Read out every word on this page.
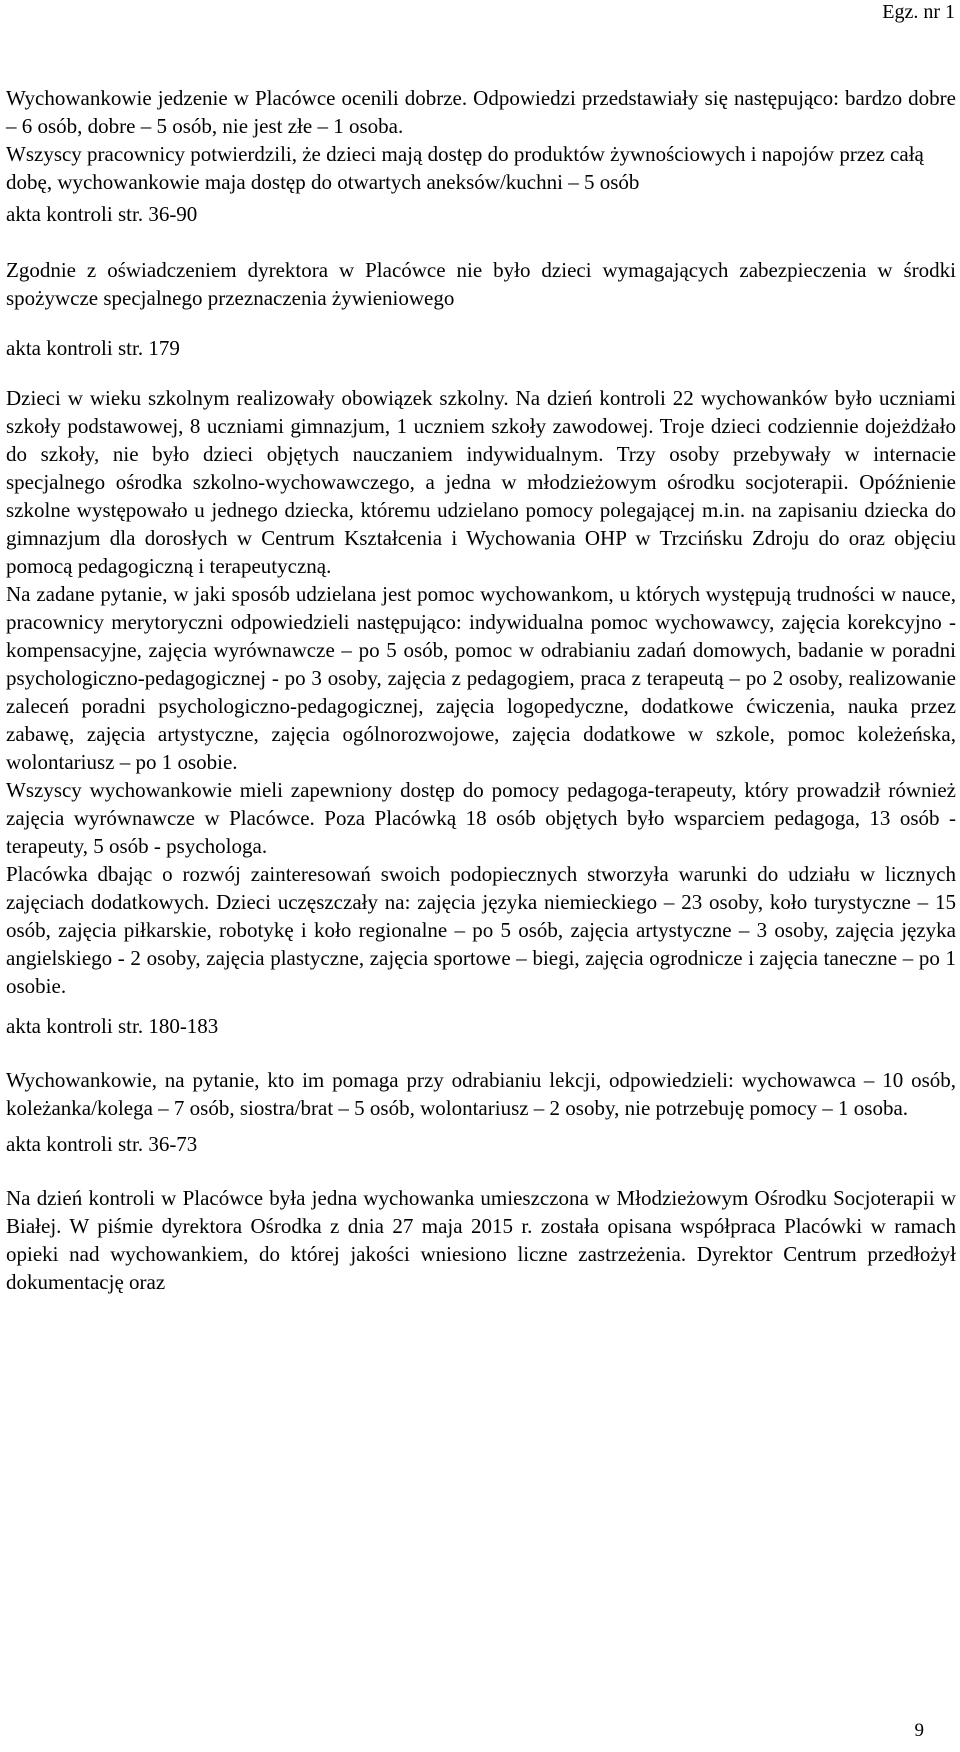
Egz. nr 1

Wychowankowie jedzenie w Placówce ocenili dobrze. Odpowiedzi przedstawiały się następująco: bardzo dobre – 6 osób, dobre – 5 osób, nie jest złe – 1 osoba.

Wszyscy pracownicy potwierdzili, że dzieci mają dostęp do produktów żywnościowych i napojów przez całą dobę, wychowankowie maja dostęp do otwartych aneksów/kuchni – 5 osób

akta kontroli str. 36-90

Zgodnie z oświadczeniem dyrektora w Placówce nie było dzieci wymagających zabezpieczenia w środki spożywcze specjalnego przeznaczenia żywieniowego

akta kontroli str. 179

Dzieci w wieku szkolnym realizowały obowiązek szkolny. Na dzień kontroli 22 wychowanków było uczniami szkoły podstawowej, 8 uczniami gimnazjum, 1 uczniem szkoły zawodowej. Troje dzieci codziennie dojeżdżało do szkoły, nie było dzieci objętych nauczaniem indywidualnym. Trzy osoby przebywały w internacie specjalnego ośrodka szkolno-wychowawczego, a jedna w młodzieżowym ośrodku socjoterapii. Opóźnienie szkolne występowało u jednego dziecka, któremu udzielano pomocy polegającej m.in. na zapisaniu dziecka do gimnazjum dla dorosłych w Centrum Kształcenia i Wychowania OHP w Trzcińsku Zdroju do oraz objęciu pomocą pedagogiczną i terapeutyczną.

Na zadane pytanie, w jaki sposób udzielana jest pomoc wychowankom, u których występują trudności w nauce, pracownicy merytoryczni odpowiedzieli następująco: indywidualna pomoc wychowawcy, zajęcia korekcyjno - kompensacyjne, zajęcia wyrównawcze – po 5 osób, pomoc w odrabianiu zadań domowych, badanie w poradni psychologiczno-pedagogicznej - po 3 osoby, zajęcia z pedagogiem, praca z terapeutą – po 2 osoby, realizowanie zaleceń poradni psychologiczno-pedagogicznej, zajęcia logopedyczne, dodatkowe ćwiczenia, nauka przez zabawę, zajęcia artystyczne, zajęcia ogólnorozwojowe, zajęcia dodatkowe w szkole, pomoc koleżeńska, wolontariusz – po 1 osobie.

Wszyscy wychowankowie mieli zapewniony dostęp do pomocy pedagoga-terapeuty, który prowadził również zajęcia wyrównawcze w Placówce. Poza Placówką 18 osób objętych było wsparciem pedagoga, 13 osób - terapeuty, 5 osób - psychologa.

Placówka dbając o rozwój zainteresowań swoich podopiecznych stworzyła warunki do udziału w licznych zajęciach dodatkowych. Dzieci uczęszczały na: zajęcia języka niemieckiego – 23 osoby, koło turystyczne – 15 osób, zajęcia piłkarskie, robotykę i koło regionalne – po 5 osób, zajęcia artystyczne – 3 osoby, zajęcia języka angielskiego - 2 osoby, zajęcia plastyczne, zajęcia sportowe – biegi, zajęcia ogrodnicze i zajęcia taneczne – po 1 osobie.

akta kontroli str. 180-183

Wychowankowie, na pytanie, kto im pomaga przy odrabianiu lekcji, odpowiedzieli: wychowawca – 10 osób, koleżanka/kolega – 7 osób, siostra/brat – 5 osób, wolontariusz – 2 osoby, nie potrzebuję pomocy – 1 osoba.

akta kontroli str. 36-73

Na dzień kontroli w Placówce była jedna wychowanka umieszczona w Młodzieżowym Ośrodku Socjoterapii w Białej. W piśmie dyrektora Ośrodka z dnia 27 maja 2015 r. została opisana współpraca Placówki w ramach opieki nad wychowankiem, do której jakości wniesiono liczne zastrzeżenia. Dyrektor Centrum przedłożył dokumentację oraz

9
